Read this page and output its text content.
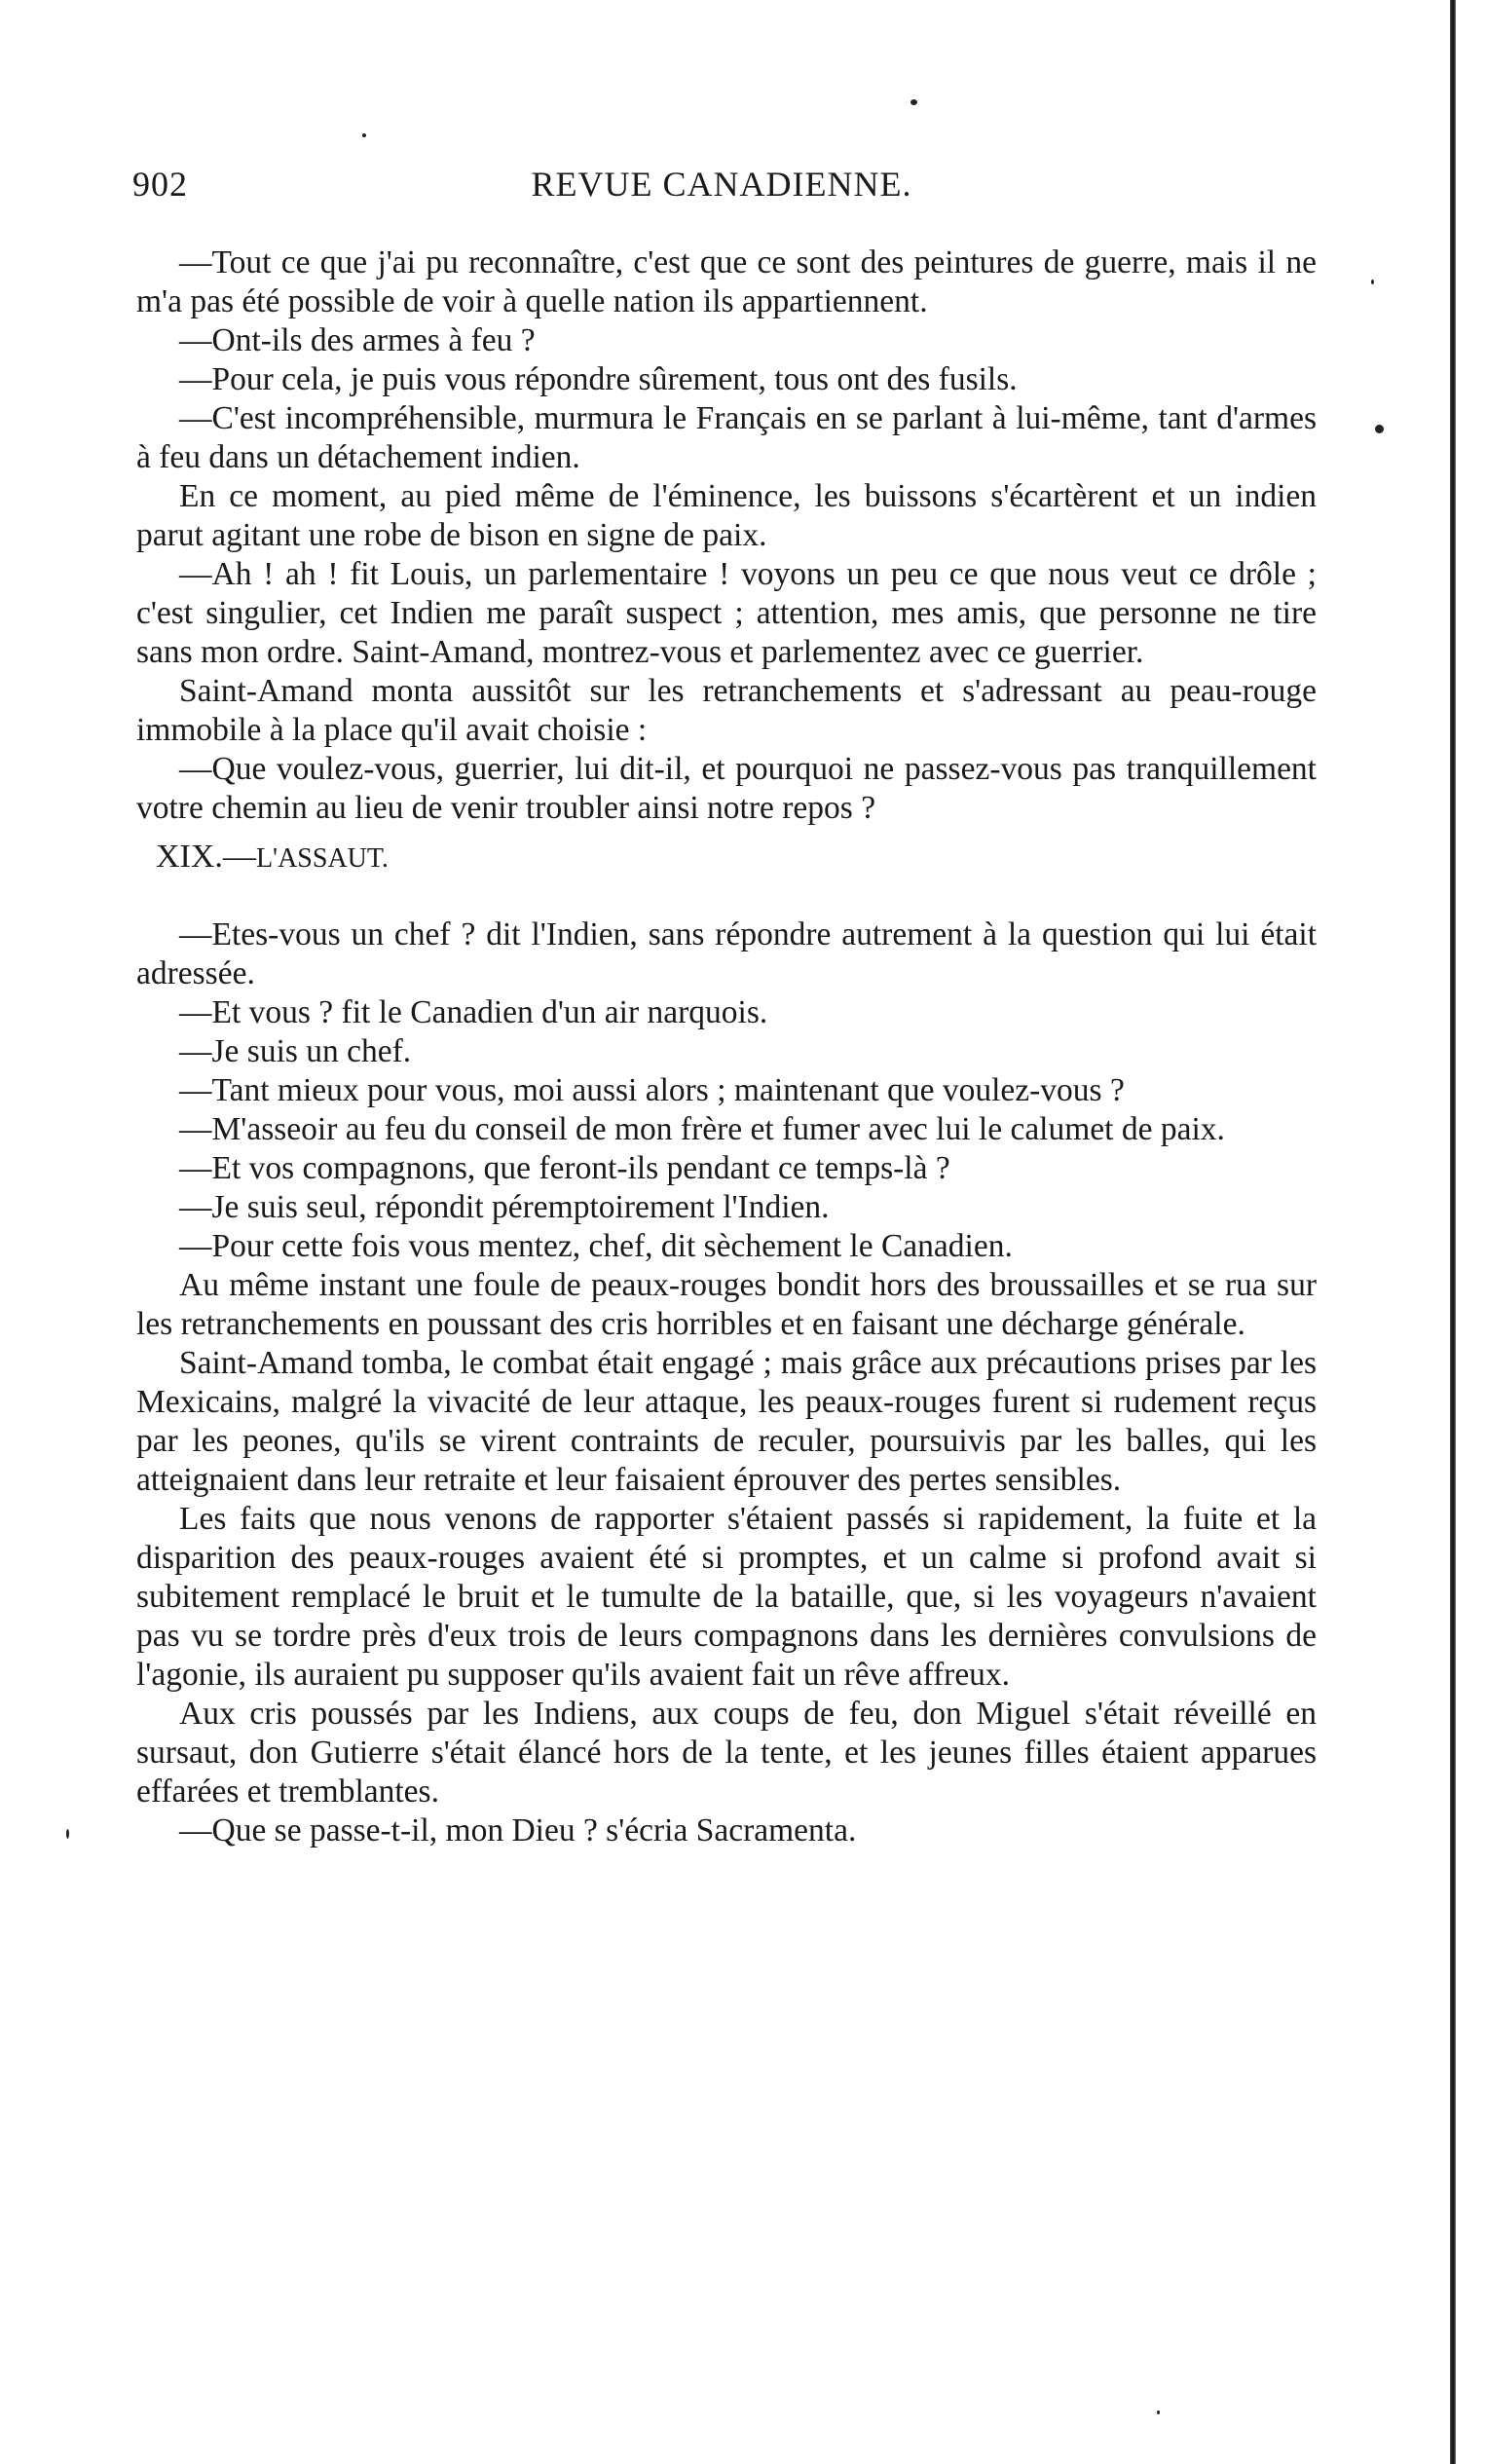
902	REVUE CANADIENNE.

—Tout ce que j'ai pu reconnaître, c'est que ce sont des peintures de guerre, mais il ne m'a pas été possible de voir à quelle nation ils appartiennent.

—Ont-ils des armes à feu ?

—Pour cela, je puis vous répondre sûrement, tous ont des fusils.

—C'est incompréhensible, murmura le Français en se parlant à lui-même, tant d'armes à feu dans un détachement indien.

En ce moment, au pied même de l'éminence, les buissons s'écartèrent et un indien parut agitant une robe de bison en signe de paix.

—Ah ! ah ! fit Louis, un parlementaire ! voyons un peu ce que nous veut ce drôle ; c'est singulier, cet Indien me paraît suspect ; attention, mes amis, que personne ne tire sans mon ordre. Saint-Amand, montrez-vous et parlementez avec ce guerrier.

Saint-Amand monta aussitôt sur les retranchements et s'adressant au peau-rouge immobile à la place qu'il avait choisie :

—Que voulez-vous, guerrier, lui dit-il, et pourquoi ne passez-vous pas tranquillement votre chemin au lieu de venir troubler ainsi notre repos ?

XIX.—L'ASSAUT.

—Etes-vous un chef ? dit l'Indien, sans répondre autrement à la question qui lui était adressée.

—Et vous ? fit le Canadien d'un air narquois.

—Je suis un chef.

—Tant mieux pour vous, moi aussi alors ; maintenant que voulez-vous ?

—M'asseoir au feu du conseil de mon frère et fumer avec lui le calumet de paix.

—Et vos compagnons, que feront-ils pendant ce temps-là ?

—Je suis seul, répondit péremptoirement l'Indien.

—Pour cette fois vous mentez, chef, dit sèchement le Canadien.

Au même instant une foule de peaux-rouges bondit hors des broussailles et se rua sur les retranchements en poussant des cris horribles et en faisant une décharge générale.

Saint-Amand tomba, le combat était engagé ; mais grâce aux précautions prises par les Mexicains, malgré la vivacité de leur attaque, les peaux-rouges furent si rudement reçus par les peones, qu'ils se virent contraints de reculer, poursuivis par les balles, qui les atteignaient dans leur retraite et leur faisaient éprouver des pertes sensibles.

Les faits que nous venons de rapporter s'étaient passés si rapidement, la fuite et la disparition des peaux-rouges avaient été si promptes, et un calme si profond avait si subitement remplacé le bruit et le tumulte de la bataille, que, si les voyageurs n'avaient pas vu se tordre près d'eux trois de leurs compagnons dans les dernières convulsions de l'agonie, ils auraient pu supposer qu'ils avaient fait un rêve affreux.

Aux cris poussés par les Indiens, aux coups de feu, don Miguel s'était réveillé en sursaut, don Gutierre s'était élancé hors de la tente, et les jeunes filles étaient apparues effarées et tremblantes.

—Que se passe-t-il, mon Dieu ? s'écria Sacramenta.
